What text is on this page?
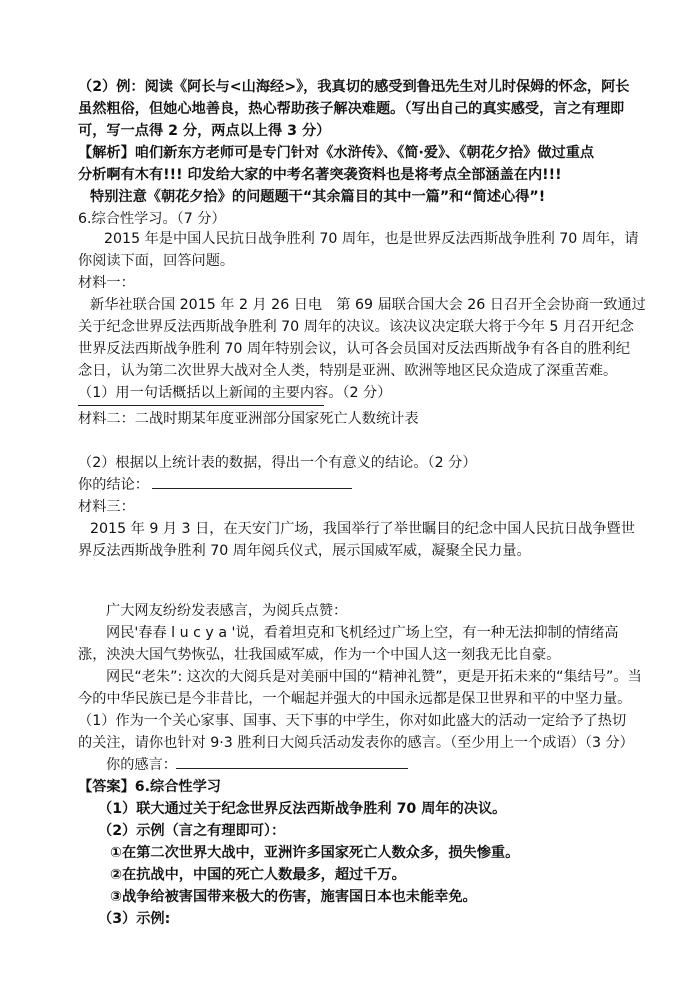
（2）例：阅读《阿长与<山海经>》，我真切的感受到鲁迅先生对儿时保姆的怀念，阿长
虽然粗俗，但她心地善良，热心帮助孩子解决难题。（写出自己的真实感受，言之有理即
可，写一点得 2 分，两点以上得 3 分）
【解析】咱们新东方老师可是专门针对《水浒传》、《简·爱》、《朝花夕拾》做过重点
分析啊有木有!!! 印发给大家的中考名著突袭资料也是将考点全部涵盖在内!!!
特别注意《朝花夕拾》的问题题干“其余篇目的其中一篇”和“简述心得”!
6.综合性学习。（7 分）
2015 年是中国人民抗日战争胜利 70 周年，也是世界反法西斯战争胜利 70 周年，请
你阅读下面，回答问题。
材料一：
新华社联合国 2015 年 2 月 26 日电　第 69 届联合国大会 26 日召开全会协商一致通过
关于纪念世界反法西斯战争胜利 70 周年的决议。该决议决定联大将于今年 5 月召开纪念
世界反法西斯战争胜利 70 周年特别会议，认可各会员国对反法西斯战争有各自的胜利纪
念日，认为第二次世界大战对全人类，特别是亚洲、欧洲等地区民众造成了深重苦难。
（1）用一句话概括以上新闻的主要内容。（2 分）
材料二：二战时期某年度亚洲部分国家死亡人数统计表
（2）根据以上统计表的数据，得出一个有意义的结论。（2 分）
你的结论：
材料三：
2015 年 9 月 3 日，在天安门广场，我国举行了举世瞩目的纪念中国人民抗日战争暨世
界反法西斯战争胜利 70 周年阅兵仪式，展示国威军威，凝聚全民力量。
广大网友纷纷发表感言，为阅兵点赞：
网民'春春 l u c y a '说，看着坦克和飞机经过广场上空，有一种无法抑制的情绪高
涨，泱泱大国气势恢弘，壮我国威军威，作为一个中国人这一刻我无比自豪。
网民“老朱”: 这次的大阅兵是对美丽中国的“精神礼赞”，更是开拓未来的“集结号”。当
今的中华民族已是今非昔比，一个崛起并强大的中国永远都是保卫世界和平的中坚力量。
（1）作为一个关心家事、国事、天下事的中学生，你对如此盛大的活动一定给予了热切
的关注，请你也针对 9·3 胜利日大阅兵活动发表你的感言。（至少用上一个成语）（3 分）
你的感言：
【答案】6.综合性学习
（1）联大通过关于纪念世界反法西斯战争胜利 70 周年的决议。
（2）示例（言之有理即可）：
①在第二次世界大战中，亚洲许多国家死亡人数众多，损失惨重。
②在抗战中，中国的死亡人数最多，超过千万。
③战争给被害国带来极大的伤害，施害国日本也未能幸免。
（3）示例:
